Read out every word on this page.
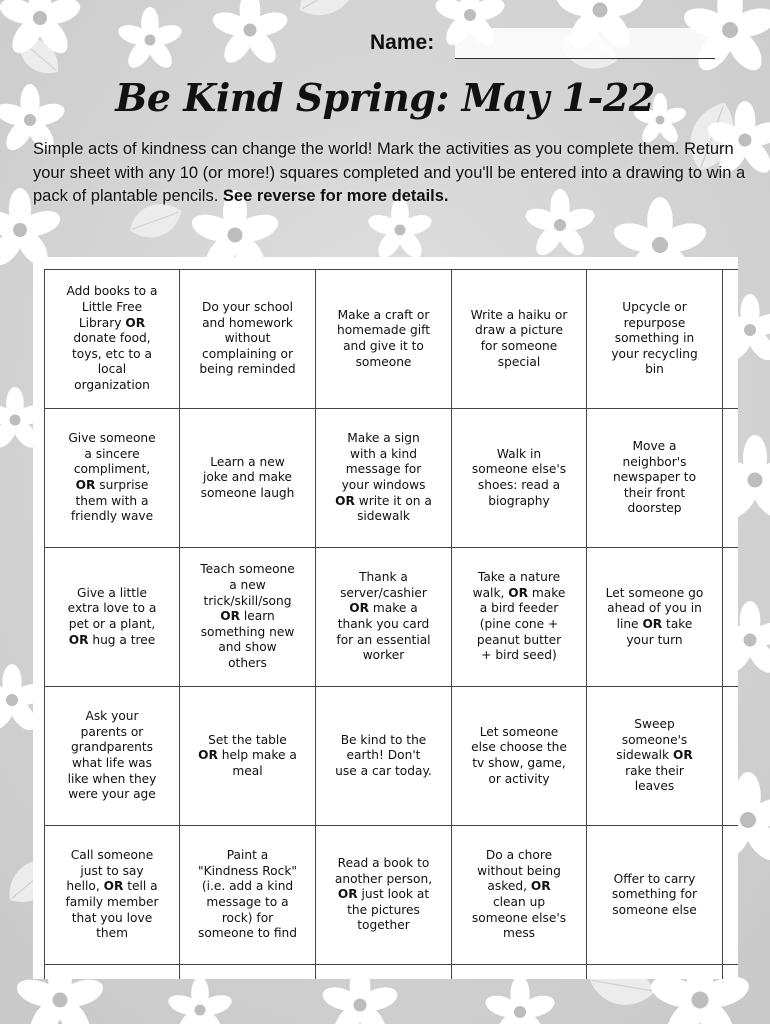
Name:
Be Kind Spring: May 1-22
Simple acts of kindness can change the world! Mark the activities as you complete them. Return your sheet with any 10 (or more!) squares completed and you'll be entered into a drawing to win a pack of plantable pencils. See reverse for more details.
Add books to a Little Free Library OR donate food, toys, etc to a local organization
Do your school and homework without complaining or being reminded
Make a craft or homemade gift and give it to someone
Write a haiku or draw a picture for someone special
Upcycle or repurpose something in your recycling bin
Give someone a sincere compliment, OR surprise them with a friendly wave
Learn a new joke and make someone laugh
Make a sign with a kind message for your windows OR write it on a sidewalk
Walk in someone else's shoes: read a biography
Move a neighbor's newspaper to their front doorstep
Give a little extra love to a pet or a plant, OR hug a tree
Teach someone a new trick/skill/song OR learn something new and show others
Thank a server/cashier OR make a thank you card for an essential worker
Take a nature walk, OR make a bird feeder (pine cone + peanut butter + bird seed)
Let someone go ahead of you in line OR take your turn
Ask your parents or grandparents what life was like when they were your age
Set the table OR help make a meal
Be kind to the earth! Don't use a car today.
Let someone else choose the tv show, game, or activity
Sweep someone's sidewalk OR rake their leaves
Call someone just to say hello, OR tell a family member that you love them
Paint a "Kindness Rock" (i.e. add a kind message to a rock) for someone to find
Read a book to another person, OR just look at the pictures together
Do a chore without being asked, OR clean up someone else's mess
Offer to carry something for someone else
